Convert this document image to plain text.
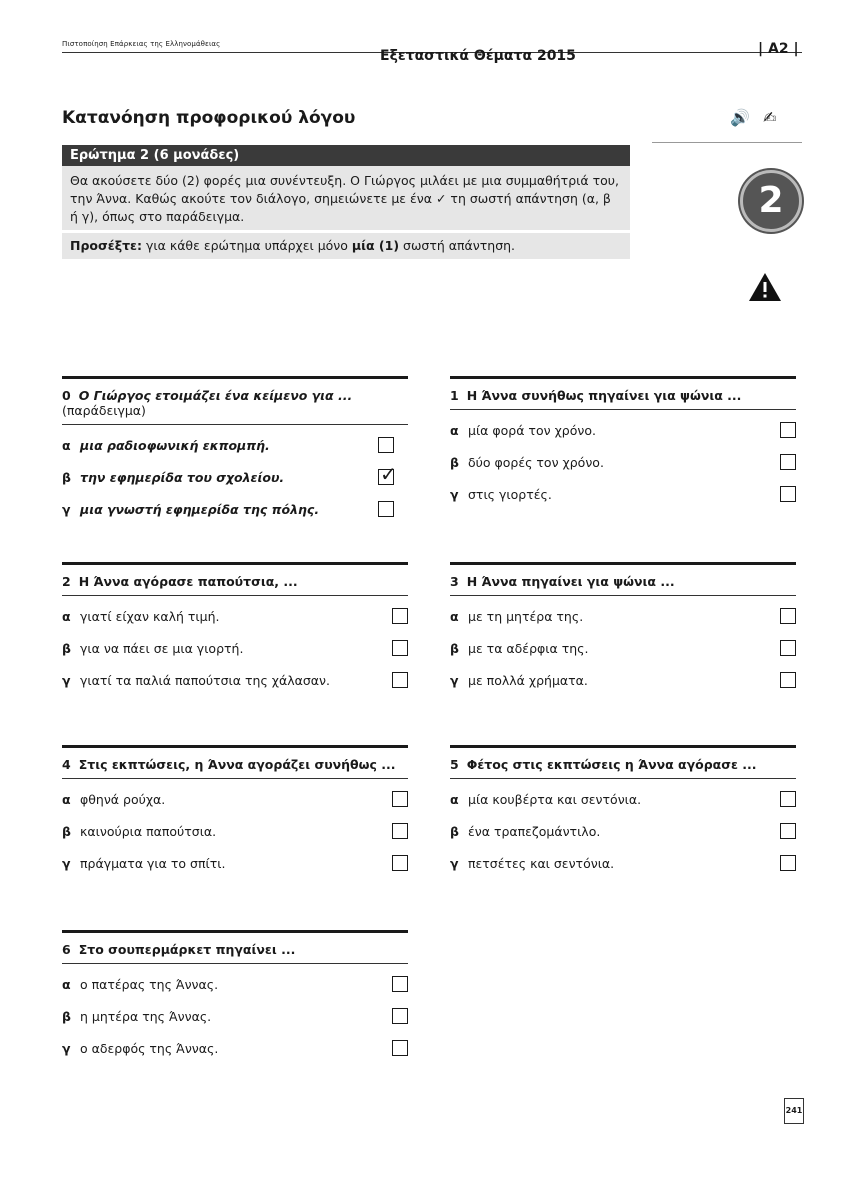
Πιστοποίηση Επάρκειας της Ελληνομάθειας
Εξεταστικά Θέματα 2015	| A2 |
Κατανόηση προφορικού λόγου	🔊 ✍
Ερώτημα 2 (6 μονάδες)
Θα ακούσετε δύο (2) φορές μια συνέντευξη. Ο Γιώργος μιλάει με μια συμμαθήτριά του, την Άννα. Καθώς ακούτε τον διάλογο, σημειώνετε με ένα ✓ τη σωστή απάντηση (α, β ή γ), όπως στο παράδειγμα.
Προσέξτε: για κάθε ερώτημα υπάρχει μόνο μία (1) σωστή απάντηση.
2
0 Ο Γιώργος ετοιμάζει ένα κείμενο για ... (παράδειγμα)
α μια ραδιοφωνική εκπομπή.
β την εφημερίδα του σχολείου.	✓
γ μια γνωστή εφημερίδα της πόλης.
1 Η Άννα συνήθως πηγαίνει για ψώνια ...
α μία φορά τον χρόνο.
β δύο φορές τον χρόνο.
γ στις γιορτές.
2 Η Άννα αγόρασε παπούτσια, ...
α γιατί είχαν καλή τιμή.
β για να πάει σε μια γιορτή.
γ γιατί τα παλιά παπούτσια της χάλασαν.
3 Η Άννα πηγαίνει για ψώνια ...
α με τη μητέρα της.
β με τα αδέρφια της.
γ με πολλά χρήματα.
4 Στις εκπτώσεις, η Άννα αγοράζει συνήθως ...
α φθηνά ρούχα.
β καινούρια παπούτσια.
γ πράγματα για το σπίτι.
5 Φέτος στις εκπτώσεις η Άννα αγόρασε ...
α μία κουβέρτα και σεντόνια.
β ένα τραπεζομάντιλο.
γ πετσέτες και σεντόνια.
6 Στο σουπερμάρκετ πηγαίνει ...
α ο πατέρας της Άννας.
β η μητέρα της Άννας.
γ ο αδερφός της Άννας.
241
